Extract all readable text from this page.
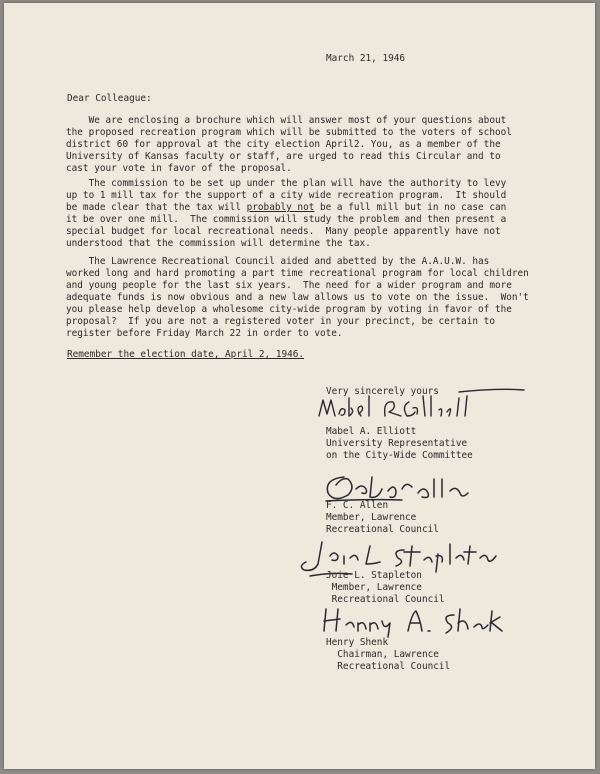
March 21, 1946
Dear Colleague:
We are enclosing a brochure which will answer most of your questions about
the proposed recreation program which will be submitted to the voters of school
district 60 for approval at the city election April2. You, as a member of the
University of Kansas faculty or staff, are urged to read this Circular and to
cast your vote in favor of the proposal.
The commission to be set up under the plan will have the authority to levy
up to 1 mill tax for the support of a city wide recreation program.  It should
be made clear that the tax will probably not be a full mill but in no case can
it be over one mill.  The commission will study the problem and then present a
special budget for local recreational needs.  Many people apparently have not
understood that the commission will determine the tax.
The Lawrence Recreational Council aided and abetted by the A.A.U.W. has
worked long and hard promoting a part time recreational program for local children
and young people for the last six years.  The need for a wider program and more
adequate funds is now obvious and a new law allows us to vote on the issue.  Won't
you please help develop a wholesome city-wide program by voting in favor of the
proposal?  If you are not a registered voter in your precinct, be certain to
register before Friday March 22 in order to vote.
Remember the election date, April 2, 1946.
Very sincerely yours
Mabel A. Elliott
University Representative
on the City-Wide Committee
F. C. Allen
Member, Lawrence
Recreational Council
Joie L. Stapleton
Member, Lawrence
Recreational Council
Henry Shenk
Chairman, Lawrence
Recreational Council
